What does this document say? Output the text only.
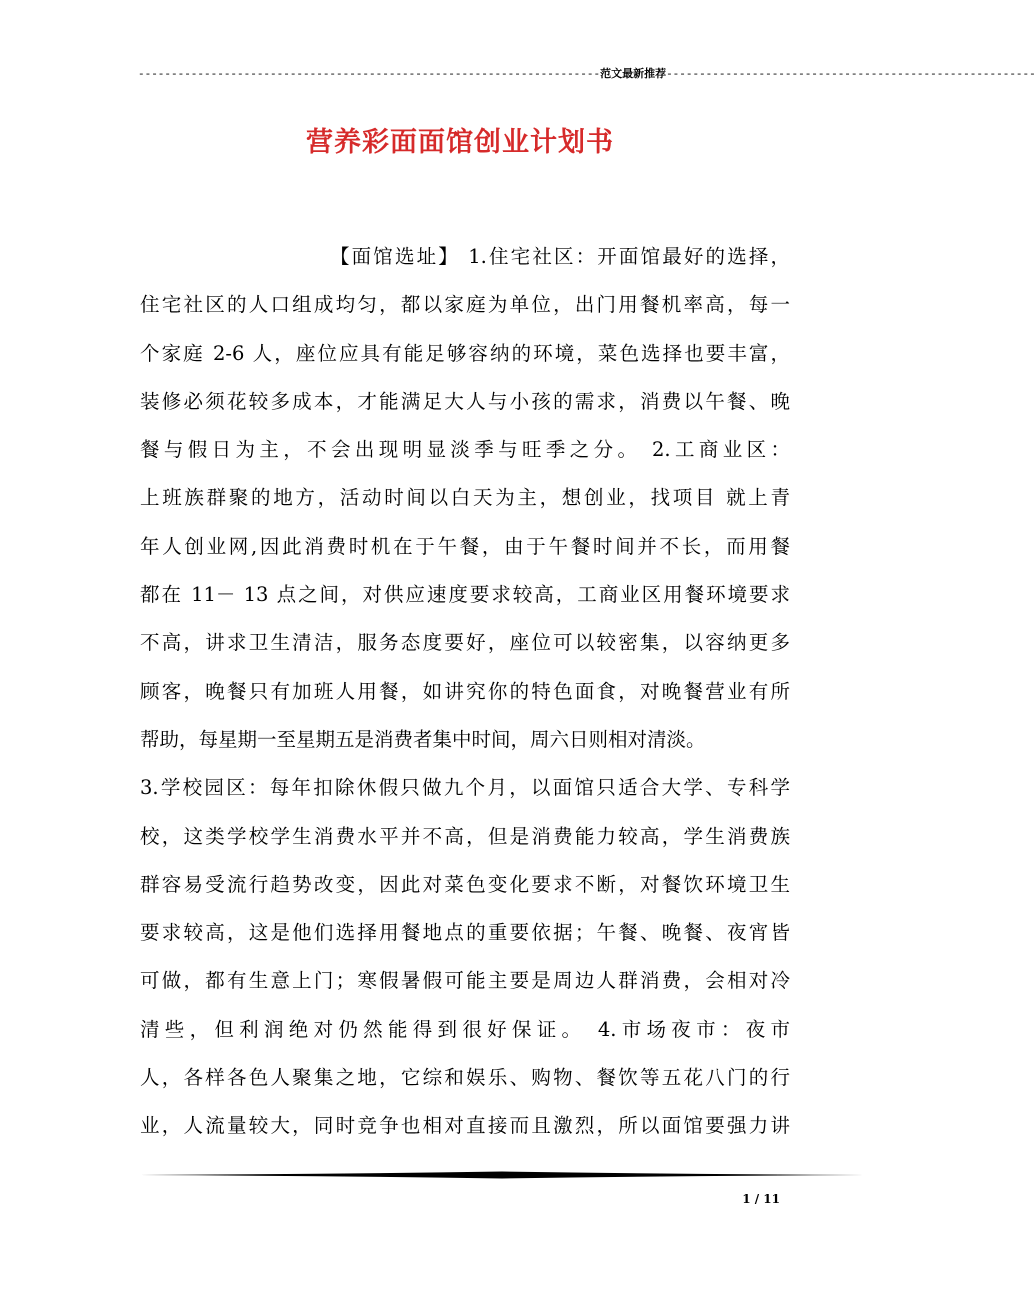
----------------------------------------------------------------------范文最新推荐--------------------------------------------------------
营养彩面面馆创业计划书
【面馆选址】 1.住宅社区：开面馆最好的选择，
住宅社区的人口组成均匀，都以家庭为单位，出门用餐机率高，每一
个家庭 2-6 人，座位应具有能足够容纳的环境，菜色选择也要丰富，
装修必须花较多成本，才能满足大人与小孩的需求，消费以午餐、晚
餐与假日为主，不会出现明显淡季与旺季之分。 2.工商业区：
上班族群聚的地方，活动时间以白天为主，想创业，找项目 就上青
年人创业网,因此消费时机在于午餐，由于午餐时间并不长，而用餐
都在 11－ 13 点之间，对供应速度要求较高，工商业区用餐环境要求
不高，讲求卫生清洁，服务态度要好，座位可以较密集，以容纳更多
顾客，晚餐只有加班人用餐，如讲究你的特色面食，对晚餐营业有所
帮助，每星期一至星期五是消费者集中时间，周六日则相对清淡。
3.学校园区：每年扣除休假只做九个月，以面馆只适合大学、专科学
校，这类学校学生消费水平并不高，但是消费能力较高，学生消费族
群容易受流行趋势改变，因此对菜色变化要求不断，对餐饮环境卫生
要求较高，这是他们选择用餐地点的重要依据；午餐、晚餐、夜宵皆
可做，都有生意上门；寒假暑假可能主要是周边人群消费，会相对冷
清些，但利润绝对仍然能得到很好保证。 4.市场夜市：夜市
人，各样各色人聚集之地，它综和娱乐、购物、餐饮等五花八门的行
业，人流量较大，同时竞争也相对直接而且激烈，所以面馆要强力讲
1 / 11
